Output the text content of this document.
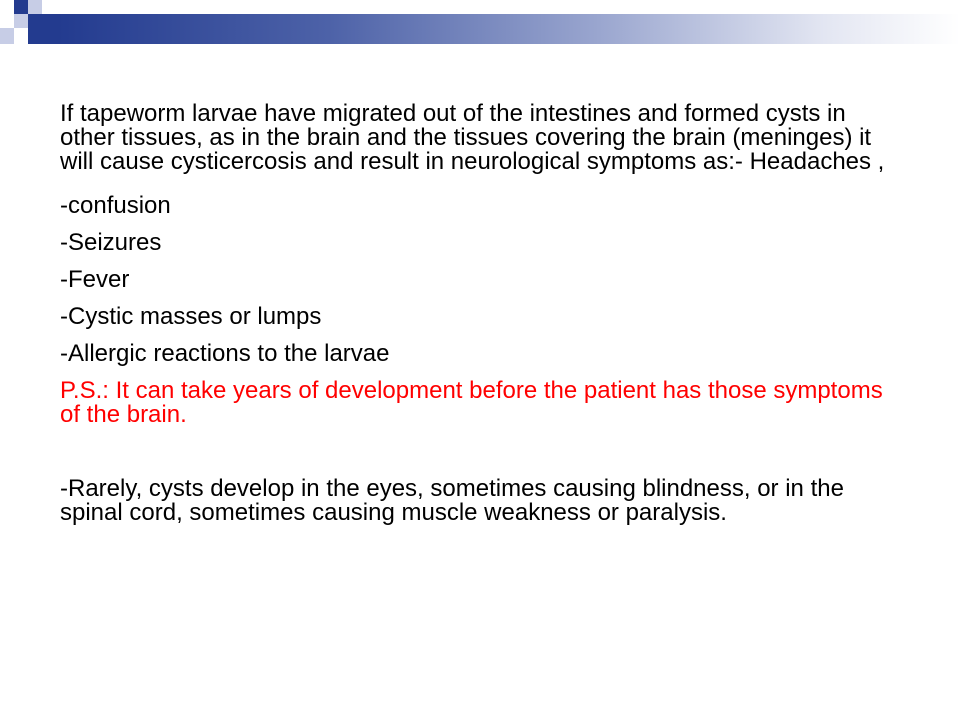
If tapeworm larvae have migrated out of the intestines and formed cysts in other tissues, as in the brain and the tissues covering the brain (meninges) it will cause cysticercosis and result in neurological symptoms as:- Headaches ,

-confusion

-Seizures

-Fever

-Cystic masses or lumps

-Allergic reactions to the larvae

P.S.: It can take years of development before the patient has those symptoms of the brain.

-Rarely, cysts develop in the eyes, sometimes causing blindness, or in the spinal cord, sometimes causing muscle weakness or paralysis.
